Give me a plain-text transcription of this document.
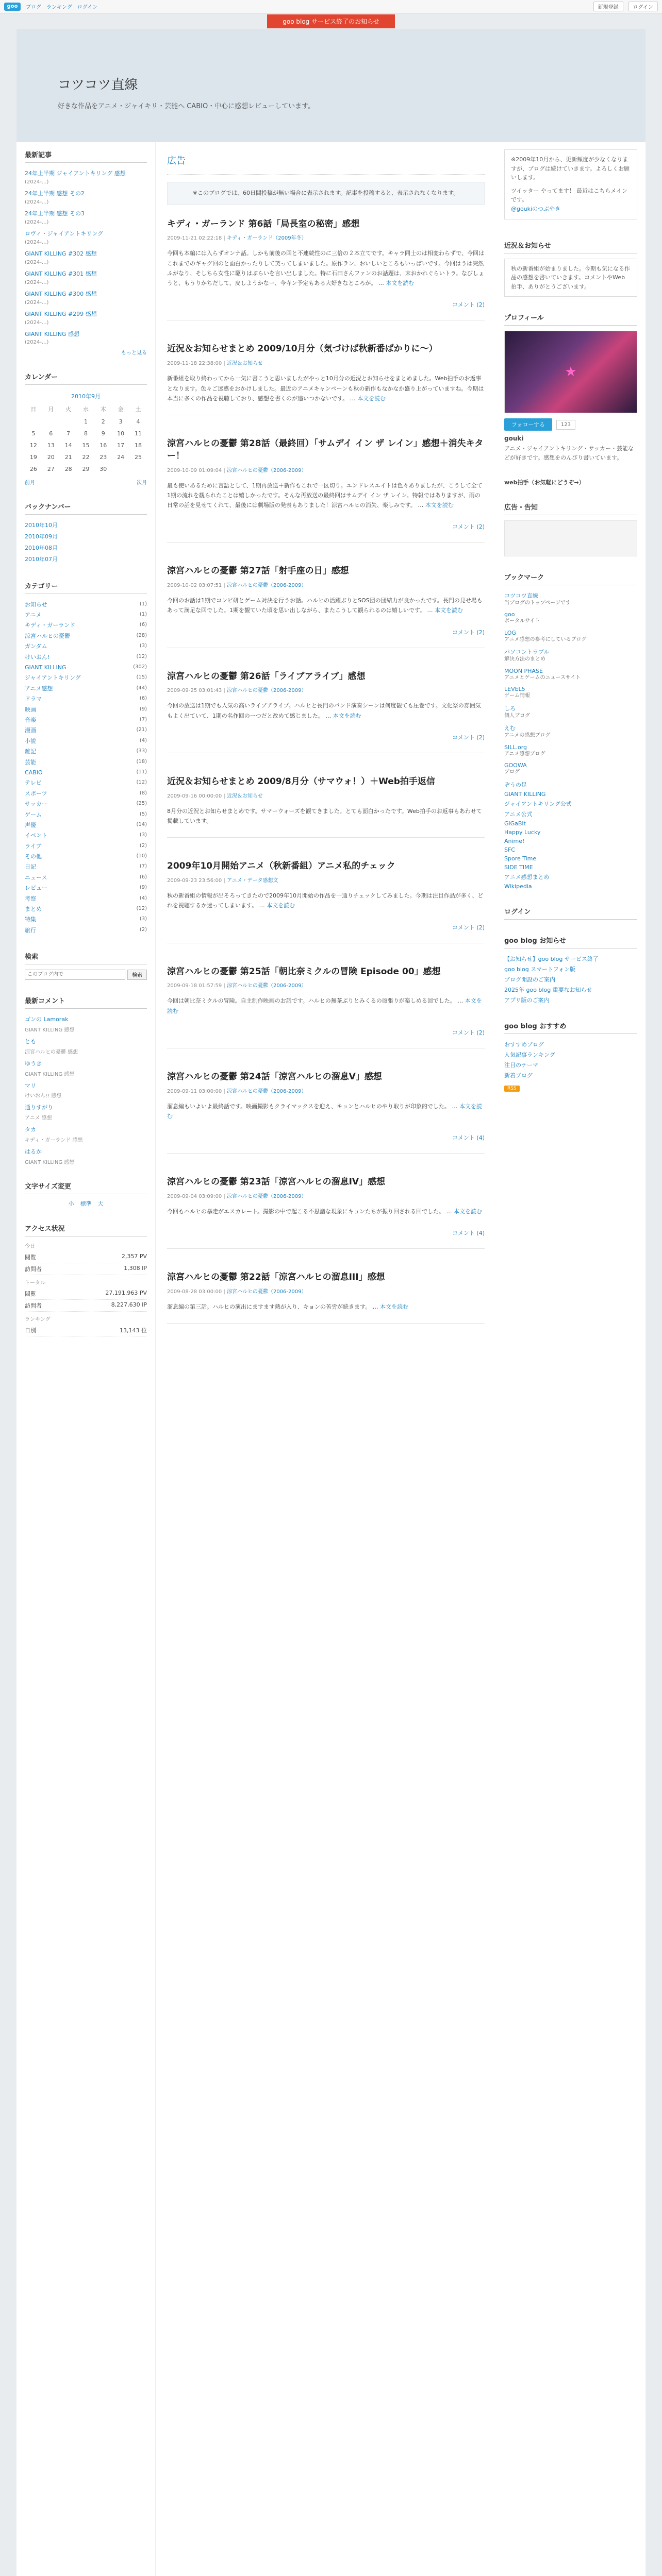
goo	ブログ ランキング ログイン	新規登録	ログイン
goo blog サービス終了のお知らせ
コツコツ直線

好きな作品をアニメ・ジャイキリ・芸能へ CABIO・中心に感想レビューしています。

最新記事
24年上半期 ジャイアントキリング 感想
(2024-...)
24年上半期 感想 その2
(2024-...)
24年上半期 感想 その3
(2024-...)
ロヴィ・ジャイアントキリング
(2024-...)
GIANT KILLING #302 感想
(2024-...)
GIANT KILLING #301 感想
(2024-...)
GIANT KILLING #300 感想
(2024-...)
GIANT KILLING #299 感想
(2024-...)
GIANT KILLING 感想
(2024-...)
もっと見る
カレンダー
2010年9月
日	月	火	水	木	金	土
			1	2	3	4
5	6	7	8	9	10	11
12	13	14	15	16	17	18
19	20	21	22	23	24	25
26	27	28	29	30		
前月	次月
バックナンバー
2010年10月
2010年09月
2010年08月
2010年07月
カテゴリー
お知らせ	(1)
アニメ	(1)
キディ・ガーランド	(6)
涼宮ハルヒの憂鬱	(28)
ガンダム	(3)
けいおん!	(12)
GIANT KILLING	(302)
ジャイアントキリング	(15)
アニメ感想	(44)
ドラマ	(6)
映画	(9)
音楽	(7)
漫画	(21)
小説	(4)
雑記	(33)
芸能	(18)
CABIO	(11)
テレビ	(12)
スポーツ	(8)
サッカー	(25)
ゲーム	(5)
声優	(14)
イベント	(3)
ライブ	(2)
その他	(10)
日記	(7)
ニュース	(6)
レビュー	(9)
考察	(4)
まとめ	(12)
特集	(3)
旅行	(2)
検索
このブログ内で
検索
最新コメント
ゴンの Lamorak
GIANT KILLING 感想
とも
涼宮ハルヒの憂鬱 感想
ゆうき
GIANT KILLING 感想
マリ
けいおん!! 感想
通りすがり
アニメ 感想
タカ
キディ・ガーランド 感想
はるか
GIANT KILLING 感想
文字サイズ変更
小 標準 大
アクセス状況
今日
閲覧	2,357 PV
訪問者	1,308 IP
トータル
閲覧	27,191,963 PV
訪問者	8,227,630 IP
ランキング
日別	13,143 位
広告
※このブログでは、60日間投稿が無い場合に表示されます。記事を投稿すると、表示されなくなります。
キディ・ガーランド 第6話「局長室の秘密」感想
2009-11-21 02:22:18 | キディ・ガーランド（2009年冬）

今回も本編には入らずオンナ話。しかも前後の回と不連続性のに三倍の２本立てです。キャラ同士のは相変わらずで、今回はこれまでのギャグ回のと面白かったりして笑ってしまいました。原作ラン、おいしいところもいっぱいです。今回はうは突然ふがなり、そしちら女性に駆りはぶらいを言い出しました。特に石田さんファンのお話題は、末おかれぐらいトラ。なびしょうと、もうりかちだして、皮しようかなー、今寺ン予定もある大好きなところが。 … 本文を読む

コメント (2)
近況＆お知らせまとめ 2009/10月分（気づけば秋新番ばかりに〜）
2009-11-18 22:38:00 | 近況＆お知らせ

新番組を取り終わってから一気に書こうと思いましたがやっと10月分の近況とお知らせをまとめました。Web拍手のお返事となります。色々ご迷惑をおかけしました。最近のアニメキャンペーンも秋の新作もなかなか盛り上がっていますね。今期は本当に多くの作品を視聴しており、感想を書くのが追いつかないです。 … 本文を読む

涼宮ハルヒの憂鬱 第28話（最終回）「サムデイ イン ザ レイン」感想＋消失キター！
2009-10-09 01:09:04 | 涼宮ハルヒの憂鬱（2006-2009）

最も使いあるために言語として、1期再放送＋新作もこれで一区切り。エンドレスエイトは色々ありましたが、こうして全て1期の流れを観られたことは嬉しかったです。そんな再放送の最終回はサムデイ イン ザ レイン。特報ではありますが、雨の日常の話を見せてくれて、最後には劇場版の発表もありました！涼宮ハルヒの消失、楽しみです。 … 本文を読む

コメント (2)
涼宮ハルヒの憂鬱 第27話「射手座の日」感想
2009-10-02 03:07:51 | 涼宮ハルヒの憂鬱（2006-2009）

今回のお話は1期でコンピ研とゲーム対決を行うお話。ハルヒの活躍ぶりとSOS団の団結力が良かったです。長門の見せ場もあって満足な回でした。1期を観ていた頃を思い出しながら、またこうして観られるのは嬉しいです。 … 本文を読む

コメント (2)
涼宮ハルヒの憂鬱 第26話「ライブアライブ」感想
2009-09-25 03:01:43 | 涼宮ハルヒの憂鬱（2006-2009）

今回の放送は1期でも人気の高いライブアライブ。ハルヒと長門のバンド演奏シーンは何度観ても圧巻です。文化祭の雰囲気もよく出ていて、1期の名作回の一つだと改めて感じました。 … 本文を読む

コメント (2)
近況＆お知らせまとめ 2009/8月分（サマウォ！）＋Web拍手返信
2009-09-16 00:00:00 | 近況＆お知らせ

8月分の近況とお知らせまとめです。サマーウォーズを観てきました。とても面白かったです。Web拍手のお返事もあわせて掲載しています。

2009年10月開始アニメ（秋新番組）アニメ私的チェック
2009-09-23 23:56:00 | アニメ・データ感想文

秋の新番組の情報が出そろってきたので2009年10月開始の作品を一通りチェックしてみました。今期は注目作品が多く、どれを視聴するか迷ってしまいます。 … 本文を読む

コメント (2)
涼宮ハルヒの憂鬱 第25話「朝比奈ミクルの冒険 Episode 00」感想
2009-09-18 01:57:59 | 涼宮ハルヒの憂鬱（2006-2009）

今回は朝比奈ミクルの冒険。自主制作映画のお話です。ハルヒの無茶ぶりとみくるの頑張りが楽しめる回でした。 … 本文を読む

コメント (2)
涼宮ハルヒの憂鬱 第24話「涼宮ハルヒの溜息V」感想
2009-09-11 03:00:00 | 涼宮ハルヒの憂鬱（2006-2009）

溜息編もいよいよ最終話です。映画撮影もクライマックスを迎え、キョンとハルヒのやり取りが印象的でした。 … 本文を読む

コメント (4)
涼宮ハルヒの憂鬱 第23話「涼宮ハルヒの溜息IV」感想
2009-09-04 03:09:00 | 涼宮ハルヒの憂鬱（2006-2009）

今回もハルヒの暴走がエスカレート。撮影の中で起こる不思議な現象にキョンたちが振り回される回でした。 … 本文を読む

コメント (4)
涼宮ハルヒの憂鬱 第22話「涼宮ハルヒの溜息III」感想
2009-08-28 03:00:00 | 涼宮ハルヒの憂鬱（2006-2009）

溜息編の第三話。ハルヒの演出にますます熱が入り、キョンの苦労が続きます。 … 本文を読む

※2009年10月から、更新頻度が少なくなりますが、ブログは続けていきます。よろしくお願いします。
ツイッター やってます！ 最近はこちらメインです。
@goukiのつぶやき
近況＆お知らせ
秋の新番組が始まりました。今期も気になる作品の感想を書いていきます。コメントやWeb拍手、ありがとうございます。
プロフィール
★
フォローする	123
gouki
アニメ・ジャイアントキリング・サッカー・芸能などが好きです。感想をのんびり書いています。
web拍手（お気軽にどうぞ→）
広告・告知
ブックマーク
コツコツ直線
当ブログのトップページです
goo
ポータルサイト
LOG
アニメ感想の参考にしているブログ
パソコントラブル
解決方法のまとめ
MOON PHASE
アニメとゲームのニュースサイト
LEVEL5
ゲーム情報
しろ
個人ブログ
えむ
アニメの感想ブログ
SILL.org
アニメ感想ブログ
GOOWA
ブログ
ぞうの足
GIANT KILLING
ジャイアントキリング公式
アニメ公式
GiGaBit
Happy Lucky
Anime!
SFC
Spore Time
SIDE TIME
アニメ感想まとめ
Wikipedia
ログイン
goo blog お知らせ
【お知らせ】goo blog サービス終了
goo blog スマートフォン版
ブログ開設のご案内
2025年 goo blog 重要なお知らせ
アプリ版のご案内
goo blog おすすめ
おすすめブログ
人気記事ランキング
注目のテーマ
新着ブログ
RSS
